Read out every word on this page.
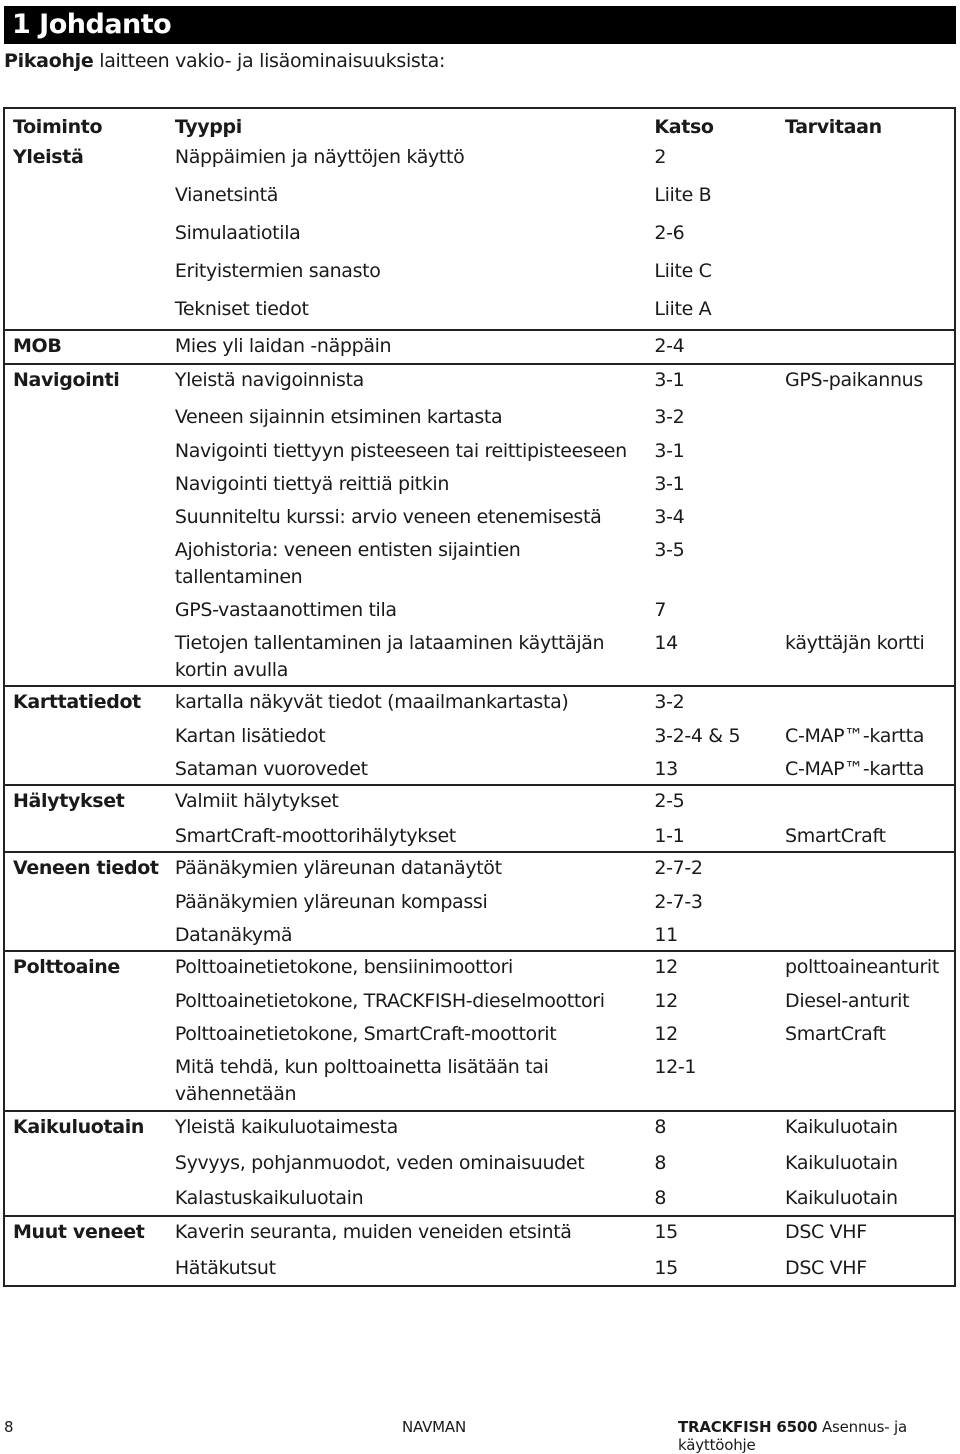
1 Johdanto
Pikaohje laitteen vakio- ja lisäominaisuuksista:
Toiminto	Tyyppi	Katso	Tarvitaan
Yleistä	Näppäimien ja näyttöjen käyttö	2	
	Vianetsintä	Liite B	
	Simulaatiotila	2-6	
	Erityistermien sanasto	Liite C	
	Tekniset tiedot	Liite A	
MOB	Mies yli laidan -näppäin	2-4	
Navigointi	Yleistä navigoinnista	3-1	GPS-paikannus
	Veneen sijainnin etsiminen kartasta	3-2	
	Navigointi tiettyyn pisteeseen tai reittipisteeseen	3-1	
	Navigointi tiettyä reittiä pitkin	3-1	
	Suunniteltu kurssi: arvio veneen etenemisestä	3-4	
	Ajohistoria: veneen entisten sijaintien tallentaminen	3-5	
	GPS-vastaanottimen tila	7	
	Tietojen tallentaminen ja lataaminen käyttäjän kortin avulla	14	käyttäjän kortti
Karttatiedot	kartalla näkyvät tiedot (maailmankartasta)	3-2	
	Kartan lisätiedot	3-2-4 & 5	C-MAP™-kartta
	Sataman vuorovedet	13	C-MAP™-kartta
Hälytykset	Valmiit hälytykset	2-5	
	SmartCraft-moottorihälytykset	1-1	SmartCraft
Veneen tiedot	Päänäkymien yläreunan datanäytöt	2-7-2	
	Päänäkymien yläreunan kompassi	2-7-3	
	Datanäkymä	11	
Polttoaine	Polttoainetietokone, bensiinimoottori	12	polttoaineanturit
	Polttoainetietokone, TRACKFISH-dieselmoottori	12	Diesel-anturit
	Polttoainetietokone, SmartCraft-moottorit	12	SmartCraft
	Mitä tehdä, kun polttoainetta lisätään tai vähennetään	12-1	
Kaikuluotain	Yleistä kaikuluotaimesta	8	Kaikuluotain
	Syvyys, pohjanmuodot, veden ominaisuudet	8	Kaikuluotain
	Kalastuskaikuluotain	8	Kaikuluotain
Muut veneet	Kaverin seuranta, muiden veneiden etsintä	15	DSC VHF
	Hätäkutsut	15	DSC VHF
8	NAVMAN	TRACKFISH 6500 Asennus- ja käyttöohje
